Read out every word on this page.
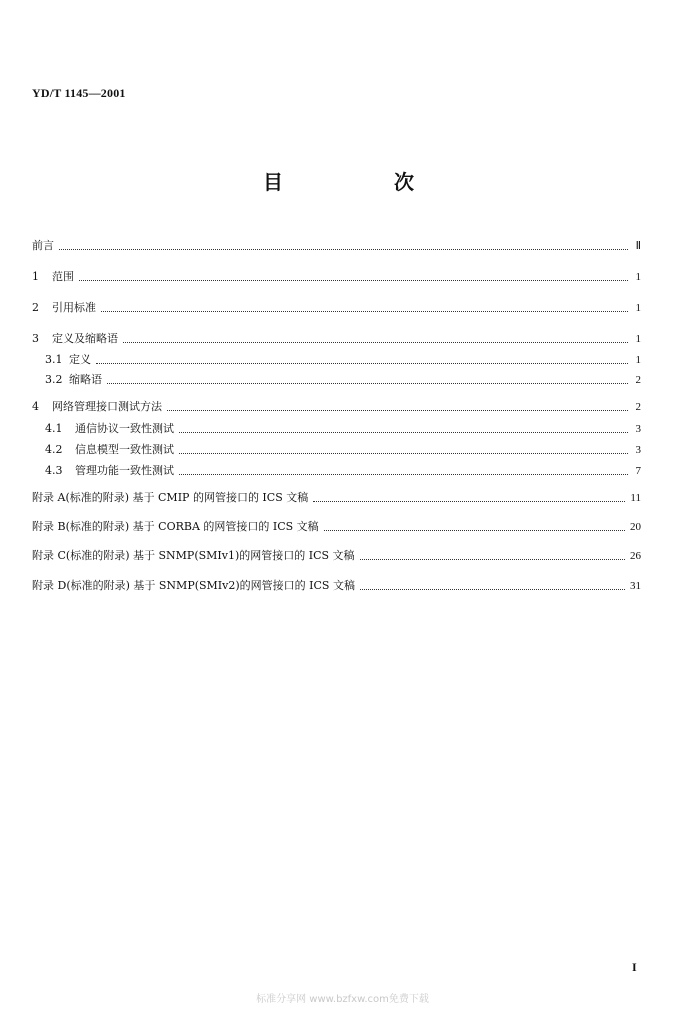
YD/T 1145—2001
目 次
前言	Ⅱ
1 范围	1
2 引用标准	1
3 定义及缩略语	1
3.1 定义	1
3.2 缩略语	2
4 网络管理接口测试方法	2
4.1 通信协议一致性测试	3
4.2 信息模型一致性测试	3
4.3 管理功能一致性测试	7
附录 A(标准的附录) 基于 CMIP 的网管接口的 ICS 文稿	11
附录 B(标准的附录) 基于 CORBA 的网管接口的 ICS 文稿	20
附录 C(标准的附录) 基于 SNMP(SMIv1)的网管接口的 ICS 文稿	26
附录 D(标准的附录) 基于 SNMP(SMIv2)的网管接口的 ICS 文稿	31
I
标准分享网 www.bzfxw.com免费下载
